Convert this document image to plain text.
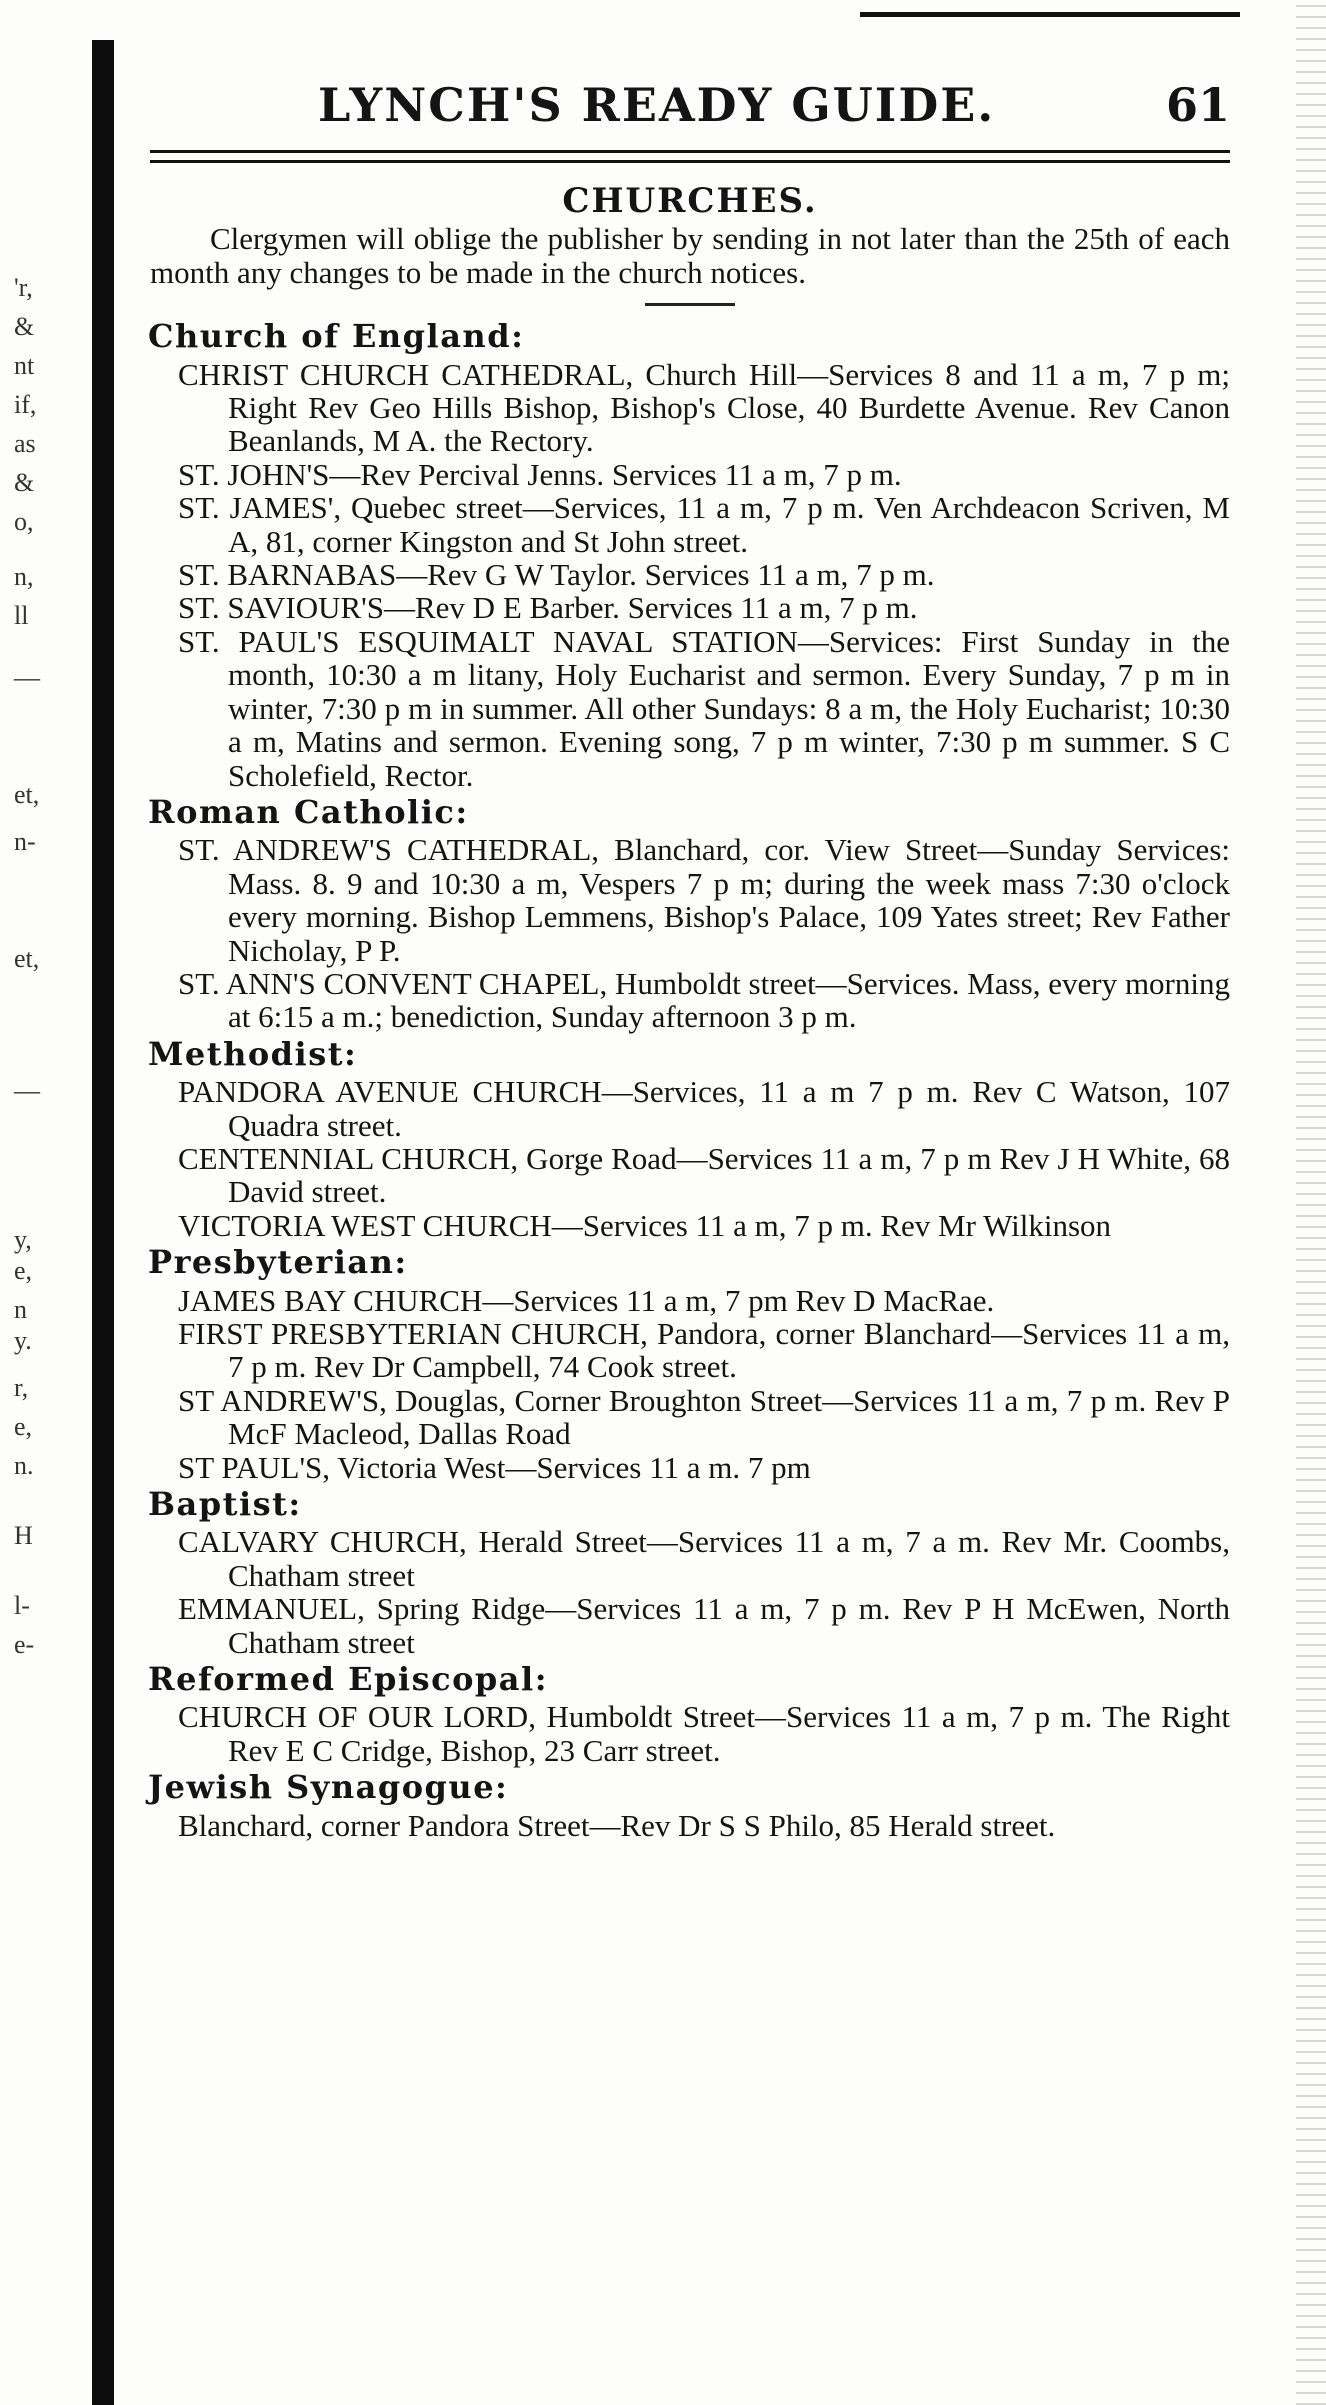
'r,
&
nt
if,
as
&
o,
n,
ll
—
et,
n-
et,
—
y,
e,
n
y.
r,
e,
n.
H
l-
e-
LYNCH'S READY GUIDE.	61
CHURCHES.

Clergymen will oblige the publisher by sending in not later than the 25th of each month any changes to be made in the church notices.

Church of England:
CHRIST CHURCH CATHEDRAL, Church Hill—Services 8 and 11 a m, 7 p m; Right Rev Geo Hills Bishop, Bishop's Close, 40 Burdette Avenue. Rev Canon Beanlands, M A. the Rectory.
ST. JOHN'S—Rev Percival Jenns. Services 11 a m, 7 p m.
ST. JAMES', Quebec street—Services, 11 a m, 7 p m. Ven Archdeacon Scriven, M A, 81, corner Kingston and St John street.
ST. BARNABAS—Rev G W Taylor. Services 11 a m, 7 p m.
ST. SAVIOUR'S—Rev D E Barber. Services 11 a m, 7 p m.
ST. PAUL'S ESQUIMALT NAVAL STATION—Services: First Sunday in the month, 10:30 a m litany, Holy Eucharist and sermon. Every Sunday, 7 p m in winter, 7:30 p m in summer. All other Sundays: 8 a m, the Holy Eucharist; 10:30 a m, Matins and sermon. Evening song, 7 p m winter, 7:30 p m summer. S C Scholefield, Rector.
Roman Catholic:
ST. ANDREW'S CATHEDRAL, Blanchard, cor. View Street—Sunday Services: Mass. 8. 9 and 10:30 a m, Vespers 7 p m; during the week mass 7:30 o'clock every morning. Bishop Lemmens, Bishop's Palace, 109 Yates street; Rev Father Nicholay, P P.
ST. ANN'S CONVENT CHAPEL, Humboldt street—Services. Mass, every morning at 6:15 a m.; benediction, Sunday afternoon 3 p m.
Methodist:
PANDORA AVENUE CHURCH—Services, 11 a m 7 p m. Rev C Watson, 107 Quadra street.
CENTENNIAL CHURCH, Gorge Road—Services 11 a m, 7 p m Rev J H White, 68 David street.
VICTORIA WEST CHURCH—Services 11 a m, 7 p m. Rev Mr Wilkinson
Presbyterian:
JAMES BAY CHURCH—Services 11 a m, 7 pm Rev D MacRae.
FIRST PRESBYTERIAN CHURCH, Pandora, corner Blanchard—Services 11 a m, 7 p m. Rev Dr Campbell, 74 Cook street.
ST ANDREW'S, Douglas, Corner Broughton Street—Services 11 a m, 7 p m. Rev P McF Macleod, Dallas Road
ST PAUL'S, Victoria West—Services 11 a m. 7 pm
Baptist:
CALVARY CHURCH, Herald Street—Services 11 a m, 7 a m. Rev Mr. Coombs, Chatham street
EMMANUEL, Spring Ridge—Services 11 a m, 7 p m. Rev P H McEwen, North Chatham street
Reformed Episcopal:
CHURCH OF OUR LORD, Humboldt Street—Services 11 a m, 7 p m. The Right Rev E C Cridge, Bishop, 23 Carr street.
Jewish Synagogue:
Blanchard, corner Pandora Street—Rev Dr S S Philo, 85 Herald street.
